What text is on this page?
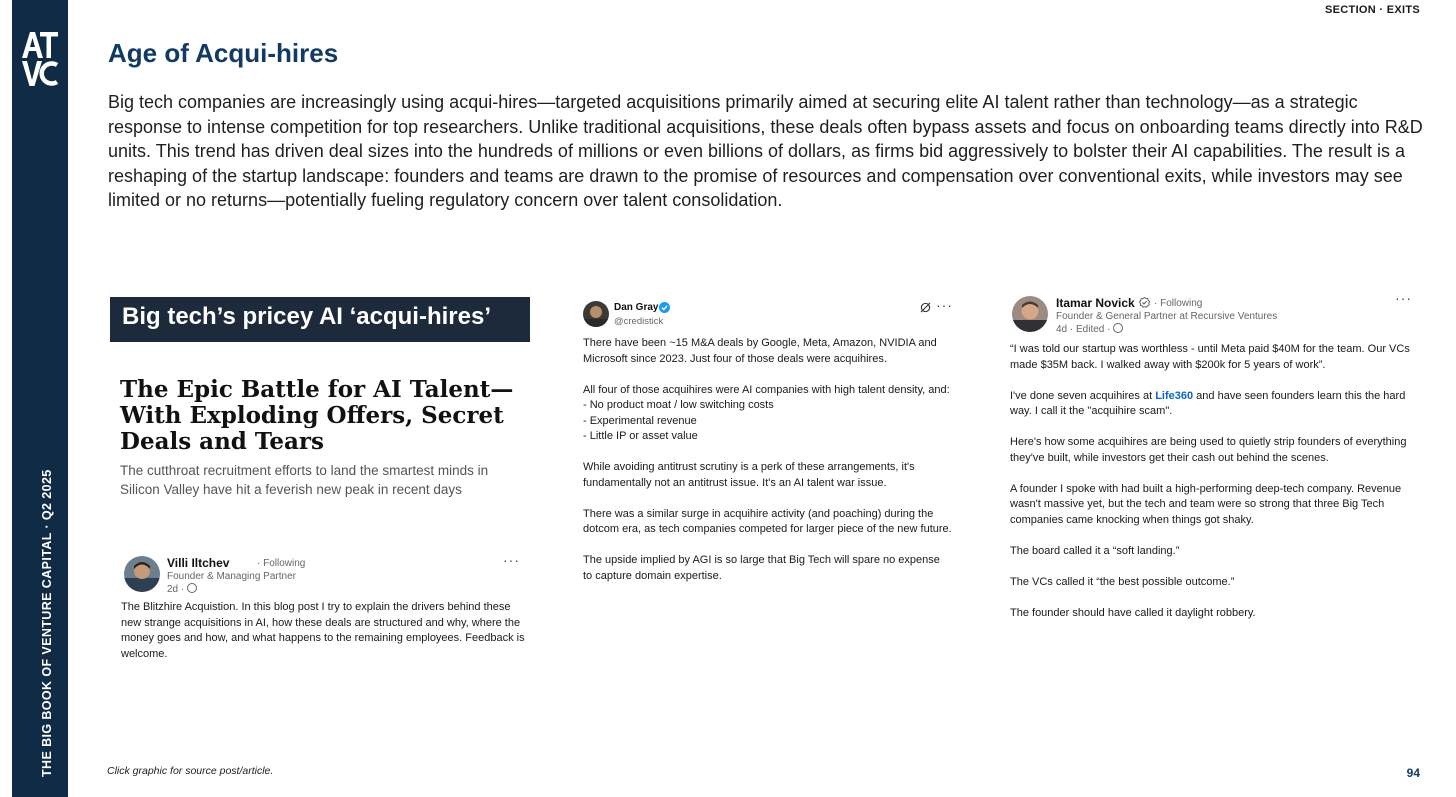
THE BIG BOOK OF VENTURE CAPITAL · Q2 2025
SECTION · EXITS
Age of Acqui-hires

Big tech companies are increasingly using acqui-hires—targeted acquisitions primarily aimed at securing elite AI talent rather than technology—as a strategic response to intense competition for top researchers. Unlike traditional acquisitions, these deals often bypass assets and focus on onboarding teams directly into R&D units. This trend has driven deal sizes into the hundreds of millions or even billions of dollars, as firms bid aggressively to bolster their AI capabilities. The result is a reshaping of the startup landscape: founders and teams are drawn to the promise of resources and compensation over conventional exits, while investors may see limited or no returns—potentially fueling regulatory concern over talent consolidation.

Big tech’s pricey AI ‘acqui-hires’
The Epic Battle for AI Talent—With Exploding Offers, Secret Deals and Tears
The cutthroat recruitment efforts to land the smartest minds in Silicon Valley have hit a feverish new peak in recent days
Villi Iltchev	· Following
Founder & Managing Partner
2d ·
···
The Blitzhire Acquistion. In this blog post I try to explain the drivers behind these new strange acquisitions in AI, how these deals are structured and why, where the money goes and how, and what happens to the remaining employees. Feedback is welcome.
Dan Gray
@credistick
···

There have been ~15 M&A deals by Google, Meta, Amazon, NVIDIA and Microsoft since 2023. Just four of those deals were acquihires.

All four of those acquihires were AI companies with high talent density, and:
- No product moat / low switching costs
- Experimental revenue
- Little IP or asset value

While avoiding antitrust scrutiny is a perk of these arrangements, it's fundamentally not an antitrust issue. It's an AI talent war issue.

There was a similar surge in acquihire activity (and poaching) during the dotcom era, as tech companies competed for larger piece of the new future.

The upside implied by AGI is so large that Big Tech will spare no expense to capture domain expertise.

Itamar Novick · Following
Founder & General Partner at Recursive Ventures
4d · Edited ·
···

“I was told our startup was worthless - until Meta paid $40M for the team. Our VCs made $35M back. I walked away with $200k for 5 years of work”.

I've done seven acquihires at Life360 and have seen founders learn this the hard way. I call it the "acquihire scam".

Here's how some acquihires are being used to quietly strip founders of everything they've built, while investors get their cash out behind the scenes.

A founder I spoke with had built a high-performing deep-tech company. Revenue wasn't massive yet, but the tech and team were so strong that three Big Tech companies came knocking when things got shaky.

The board called it a “soft landing.”

The VCs called it “the best possible outcome.”

The founder should have called it daylight robbery.

Click graphic for source post/article.	94
